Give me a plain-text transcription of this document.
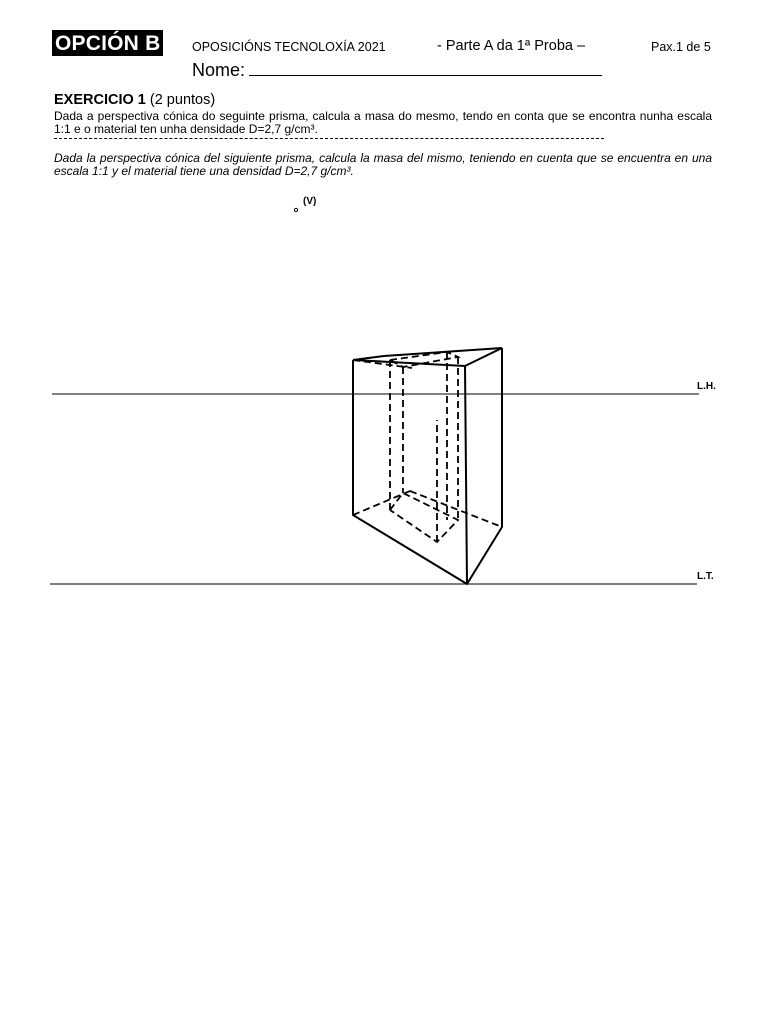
OPCIÓN B	OPOSICIÓNS TECNOLOXÍA 2021	- Parte A da 1ª Proba –	Pax.1 de 5
Nome:
EXERCICIO 1 (2 puntos)
Dada a perspectiva cónica do seguinte prisma, calcula a masa do mesmo, tendo en conta que se encontra nunha escala 1:1 e o material ten unha densidade D=2,7 g/cm³.
Dada la perspectiva cónica del siguiente prisma, calcula la masa del mismo, teniendo en cuenta que se encuentra en una escala 1:1 y el material tiene una densidad D=2,7 g/cm³.
(V)
L.H.
L.T.
